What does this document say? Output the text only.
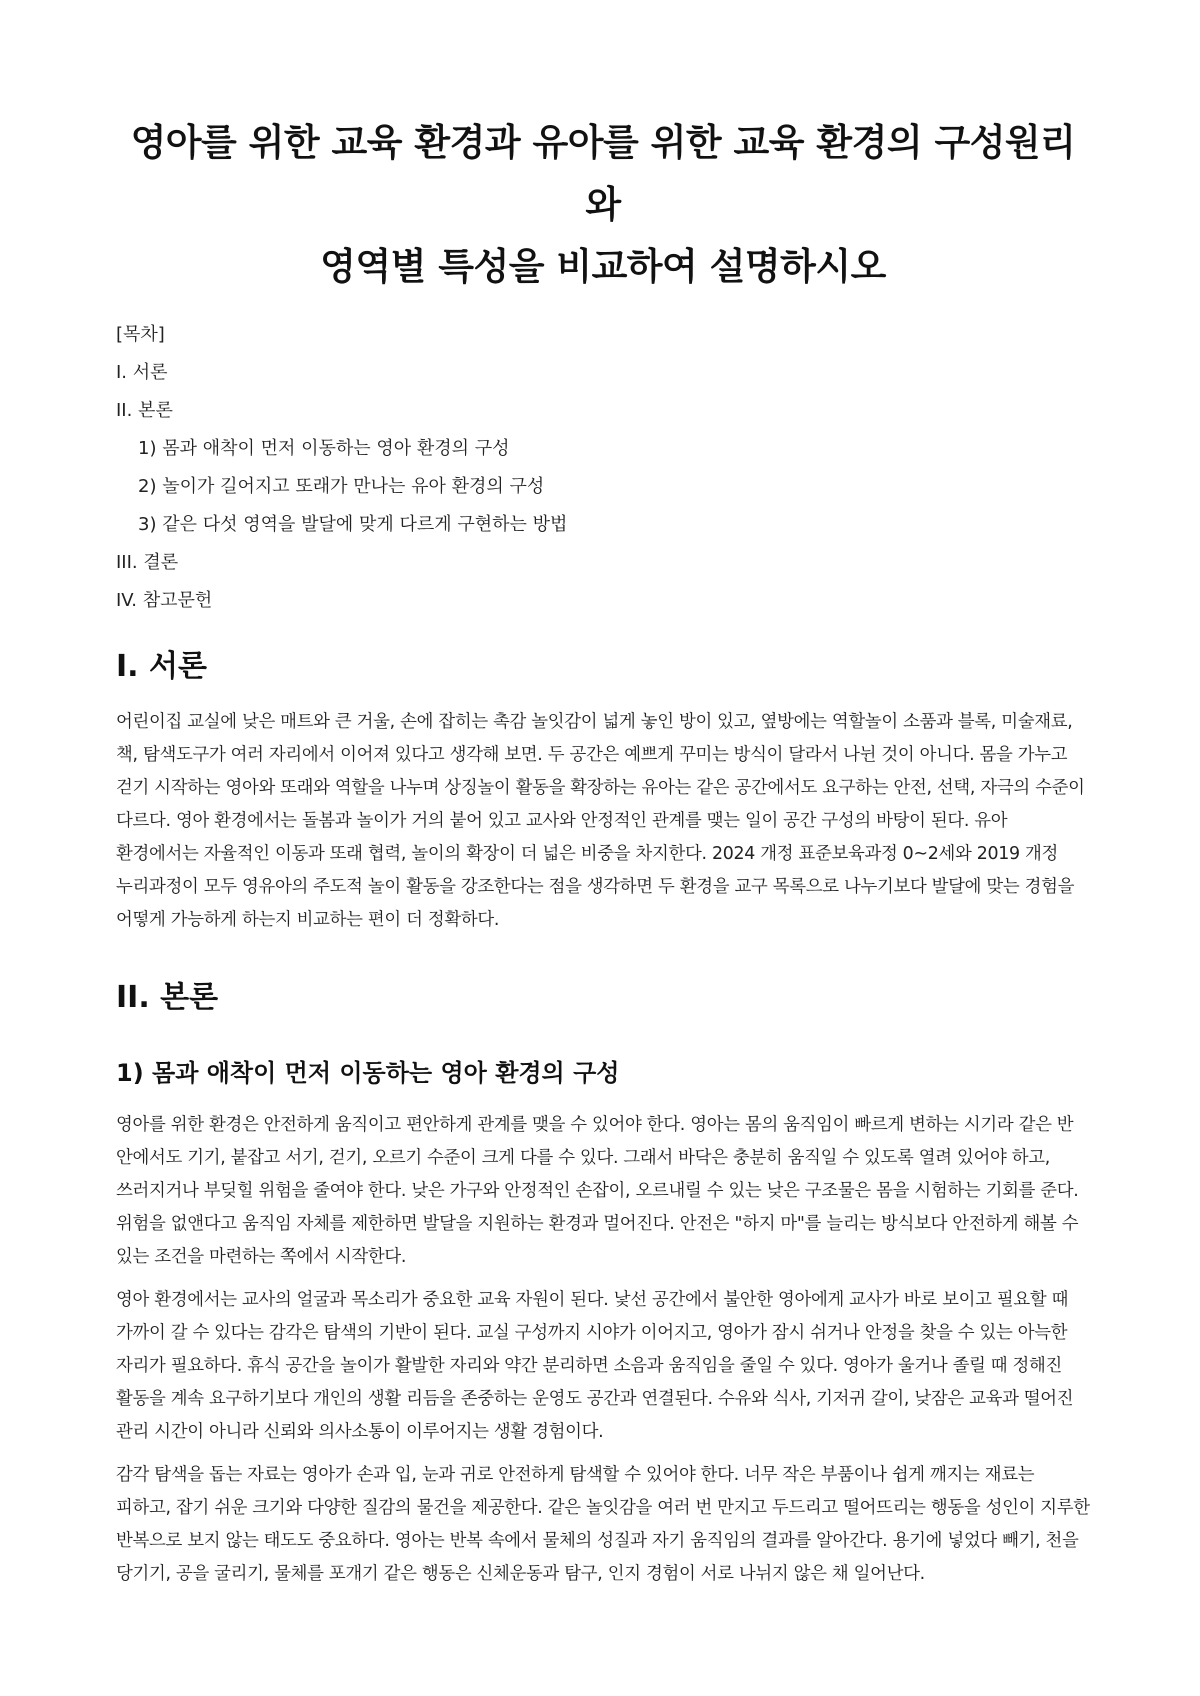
영아를 위한 교육 환경과 유아를 위한 교육 환경의 구성원리와
영역별 특성을 비교하여 설명하시오
[목차]
I. 서론
II. 본론
1) 몸과 애착이 먼저 이동하는 영아 환경의 구성
2) 놀이가 길어지고 또래가 만나는 유아 환경의 구성
3) 같은 다섯 영역을 발달에 맞게 다르게 구현하는 방법
III. 결론
IV. 참고문헌
I. 서론

어린이집 교실에 낮은 매트와 큰 거울, 손에 잡히는 촉감 놀잇감이 넓게 놓인 방이 있고, 옆방에는 역할놀이 소품과 블록, 미술재료, 책, 탐색도구가 여러 자리에서 이어져 있다고 생각해 보면. 두 공간은 예쁘게 꾸미는 방식이 달라서 나뉜 것이 아니다. 몸을 가누고 걷기 시작하는 영아와 또래와 역할을 나누며 상징놀이 활동을 확장하는 유아는 같은 공간에서도 요구하는 안전, 선택, 자극의 수준이 다르다. 영아 환경에서는 돌봄과 놀이가 거의 붙어 있고 교사와 안정적인 관계를 맺는 일이 공간 구성의 바탕이 된다. 유아 환경에서는 자율적인 이동과 또래 협력, 놀이의 확장이 더 넓은 비중을 차지한다. 2024 개정 표준보육과정 0~2세와 2019 개정 누리과정이 모두 영유아의 주도적 놀이 활동을 강조한다는 점을 생각하면 두 환경을 교구 목록으로 나누기보다 발달에 맞는 경험을 어떻게 가능하게 하는지 비교하는 편이 더 정확하다.

II. 본론
1) 몸과 애착이 먼저 이동하는 영아 환경의 구성

영아를 위한 환경은 안전하게 움직이고 편안하게 관계를 맺을 수 있어야 한다. 영아는 몸의 움직임이 빠르게 변하는 시기라 같은 반 안에서도 기기, 붙잡고 서기, 걷기, 오르기 수준이 크게 다를 수 있다. 그래서 바닥은 충분히 움직일 수 있도록 열려 있어야 하고, 쓰러지거나 부딪힐 위험을 줄여야 한다. 낮은 가구와 안정적인 손잡이, 오르내릴 수 있는 낮은 구조물은 몸을 시험하는 기회를 준다. 위험을 없앤다고 움직임 자체를 제한하면 발달을 지원하는 환경과 멀어진다. 안전은 "하지 마"를 늘리는 방식보다 안전하게 해볼 수 있는 조건을 마련하는 쪽에서 시작한다.

영아 환경에서는 교사의 얼굴과 목소리가 중요한 교육 자원이 된다. 낯선 공간에서 불안한 영아에게 교사가 바로 보이고 필요할 때 가까이 갈 수 있다는 감각은 탐색의 기반이 된다. 교실 구성까지 시야가 이어지고, 영아가 잠시 쉬거나 안정을 찾을 수 있는 아늑한 자리가 필요하다. 휴식 공간을 놀이가 활발한 자리와 약간 분리하면 소음과 움직임을 줄일 수 있다. 영아가 울거나 졸릴 때 정해진 활동을 계속 요구하기보다 개인의 생활 리듬을 존중하는 운영도 공간과 연결된다. 수유와 식사, 기저귀 갈이, 낮잠은 교육과 떨어진 관리 시간이 아니라 신뢰와 의사소통이 이루어지는 생활 경험이다.

감각 탐색을 돕는 자료는 영아가 손과 입, 눈과 귀로 안전하게 탐색할 수 있어야 한다. 너무 작은 부품이나 쉽게 깨지는 재료는 피하고, 잡기 쉬운 크기와 다양한 질감의 물건을 제공한다. 같은 놀잇감을 여러 번 만지고 두드리고 떨어뜨리는 행동을 성인이 지루한 반복으로 보지 않는 태도도 중요하다. 영아는 반복 속에서 물체의 성질과 자기 움직임의 결과를 알아간다. 용기에 넣었다 빼기, 천을 당기기, 공을 굴리기, 물체를 포개기 같은 행동은 신체운동과 탐구, 인지 경험이 서로 나뉘지 않은 채 일어난다.
